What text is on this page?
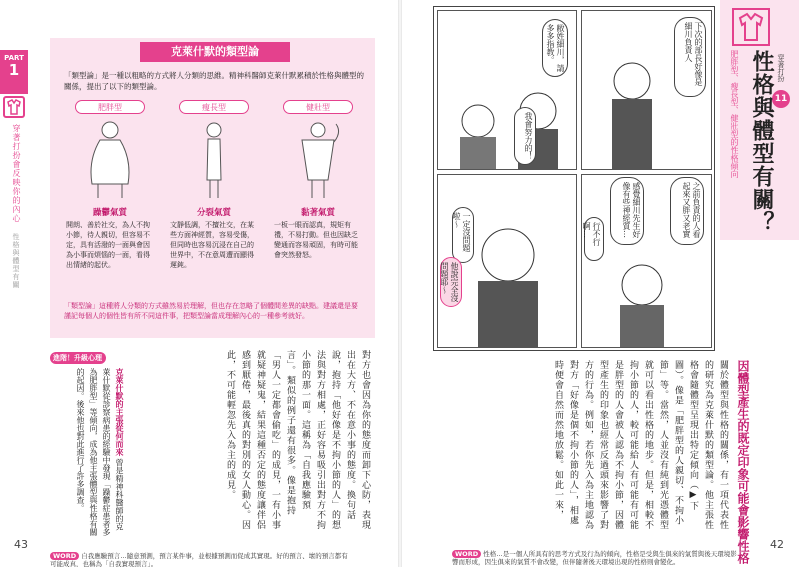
PART
1
穿著打扮會反映你的內心 性格與體型有關
克萊什默的類型論
「類型論」是一種以粗略的方式將人分類的思維。精神科醫師克萊什默累積於性格與體型的關係，提出了以下的類型論。
肥胖型
躁鬱氣質
開朗、善於社交，為人不拘小節，待人親切，但容易不定，具有活潑的一面與會因為小事而煩惱的一面，看得出情緒的起伏。
瘦長型
分裂氣質
文靜低調，不擅社交，在某些方面神經質，容易受傷，但同時也容易沉浸在自己的世界中，不在意周遭而顯得遲鈍。
健壯型
黏著氣質
一板一眼而認真，規矩有禮，不易打動。但也因缺乏變通而容易頑固，有時可能會突然發怒。
「類型論」這種將人分類的方式雖然易於理解，但也存在忽略了個體間差異的缺點。建議還是要謹記每個人的個性皆有所不同這件事，把類型論當成理解內心的一種參考就好。
對方也會因為你的態度而卸下心防，表現出在大方、不在意小事的態度。換句話說，抱持「他好像是不拘小節的人」的想法與對方相處，正好容易吸引出對方不拘小節的那一面。這稱為「自我應驗預言」。類似的例子還有很多。像是抱持「男人一定都會偷吃」的成見，一有小事就疑神疑鬼，結果這種否定的態度讓伴侶感到厭倦，最後真的對別的女人動心。因此，不可能輕忽先入為主的成見。
進階！升級心理學	克萊什默的主張從何而來 曾是精神科醫師的克萊什默從診察病患的經驗中發現「躁鬱症患者多為肥胖型」等傾向，成為他主張體型與性格有關的起因。後來他也對此進行了許多調查。
WORD 自我應驗預言…隨意預測，預言某件事，並根據預測而促成其實現。好的預言、壞的預言都有可能成真，也稱為「自我實現預言」。
43
下次的部長好像是細川負責人
敝姓細川，請多多指教。
我會努力的！
感覺細川先生好像有些神經質…	之前負責的人看起來又胖又老實
行不行啊…
一定沒問題啦～
他說完全沒問題耶～
穿著打扮
11
性格與體型有關？
肥胖型、瘦長型、健壯型的性格傾向
因體型產生的既定印象可能會影響性格
關於體型與性格的關係，有一項代表性的研究為克萊什默的類型論。他主張性格會隨體型呈現出特定傾向（▶下圖）。像是「肥胖型的人親切、不拘小節」等。當然，人並沒有純到光憑體型就可以看出性格的地步。但是，相較不拘小節的人，較可能給人有可能有可能是胖型的人會被人認為不拘小節，因體型產生的印象也經常反過頭來影響了對方的行為。例如，若你先入為主地認為對方「好像是個不拘小節的人」，相處時便會自然而然地放鬆。如此一來，
WORD 性格…是一個人所具有的思考方式及行為的傾向，性格是受與生俱來的氣質與後天環境影響而形成，因生俱來的氣質不會改變，但伴隨著後天環境出現的性格則會變化。
42
